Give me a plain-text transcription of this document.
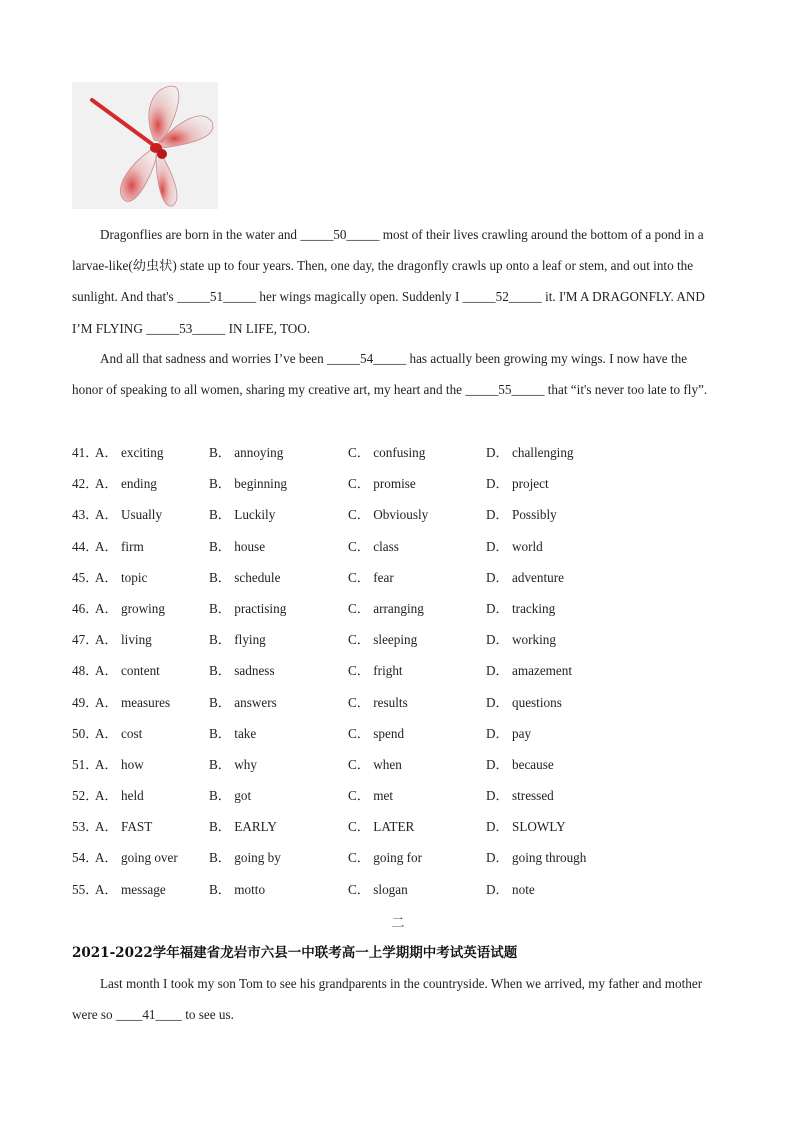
Dragonflies are born in the water and _____50_____ most of their lives crawling around the bottom of a pond in a larvae-like(幼虫状) state up to four years. Then, one day, the dragonfly crawls up onto a leaf or stem, and out into the sunlight. And that's _____51_____ her wings magically open. Suddenly I _____52_____ it. I'M A DRAGONFLY. AND I’M FLYING _____53_____ IN LIFE, TOO.

And all that sadness and worries I’ve been _____54_____ has actually been growing my wings. I now have the honor of speaking to all women, sharing my creative art, my heart and the _____55_____ that “it's never too late to fly”.

41．
A． exciting	B． annoying	C． confusing	D． challenging
42．
A． ending	B． beginning	C． promise	D． project
43．
A． Usually	B． Luckily	C． Obviously	D． Possibly
44．
A． firm	B． house	C． class	D． world
45．
A． topic	B． schedule	C． fear	D． adventure
46．
A． growing	B． practising	C． arranging	D． tracking
47．
A． living	B． flying	C． sleeping	D． working
48．
A． content	B． sadness	C． fright	D． amazement
49．
A． measures	B． answers	C． results	D． questions
50．
A． cost	B． take	C． spend	D． pay
51．
A． how	B． why	C． when	D． because
52．
A． held	B． got	C． met	D． stressed
53．
A． FAST	B． EARLY	C． LATER	D． SLOWLY
54．
A． going over B． going by	C． going for	D． going through
55．
A． message	B． motto	C． slogan	D． note
二
2021-2022学年福建省龙岩市六县一中联考高一上学期期中考试英语试题

Last month I took my son Tom to see his grandparents in the countryside. When we arrived, my father and mother were so ____41____ to see us.
